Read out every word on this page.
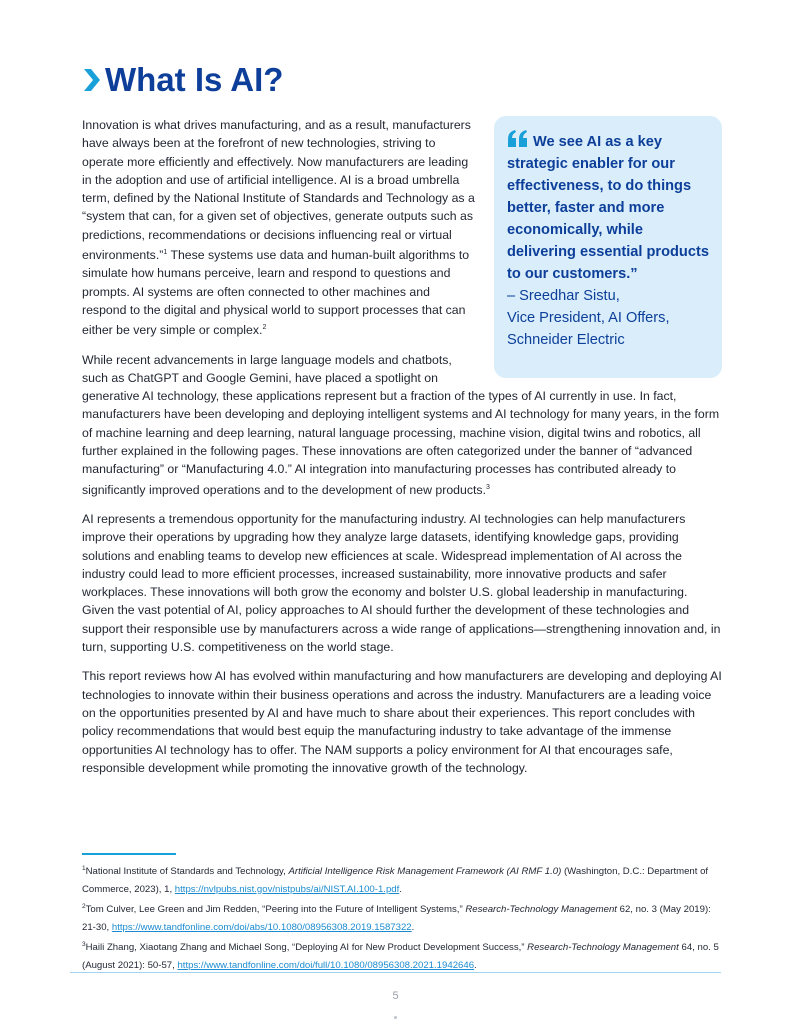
What Is AI?

We see AI as a key strategic enabler for our effectiveness, to do things better, faster and more economically, while delivering essential products to our customers.”

– Sreedhar Sistu,

Vice President, AI Offers,

Schneider Electric

Innovation is what drives manufacturing, and as a result, manufacturers have always been at the forefront of new technologies, striving to operate more efficiently and effectively. Now manufacturers are leading in the adoption and use of artificial intelligence. AI is a broad umbrella term, defined by the National Institute of Standards and Technology as a “system that can, for a given set of objectives, generate outputs such as predictions, recommendations or decisions influencing real or virtual environments.”$^1$ These systems use data and human-built algorithms to simulate how humans perceive, learn and respond to questions and prompts. AI systems are often connected to other machines and respond to the digital and physical world to support processes that can either be very simple or complex.$^2$

While recent advancements in large language models and chatbots, such as ChatGPT and Google Gemini, have placed a spotlight on generative AI technology, these applications represent but a fraction of the types of AI currently in use. In fact, manufacturers have been developing and deploying intelligent systems and AI technology for many years, in the form of machine learning and deep learning, natural language processing, machine vision, digital twins and robotics, all further explained in the following pages. These innovations are often categorized under the banner of “advanced manufacturing” or “Manufacturing 4.0.” AI integration into manufacturing processes has contributed already to significantly improved operations and to the development of new products.$^3$

AI represents a tremendous opportunity for the manufacturing industry. AI technologies can help manufacturers improve their operations by upgrading how they analyze large datasets, identifying knowledge gaps, providing solutions and enabling teams to develop new efficiences at scale. Widespread implementation of AI across the industry could lead to more efficient processes, increased sustainability, more innovative products and safer workplaces. These innovations will both grow the economy and bolster U.S. global leadership in manufacturing. Given the vast potential of AI, policy approaches to AI should further the development of these technologies and support their responsible use by manufacturers across a wide range of applications—strengthening innovation and, in turn, supporting U.S. competitiveness on the world stage.

This report reviews how AI has evolved within manufacturing and how manufacturers are developing and deploying AI technologies to innovate within their business operations and across the industry. Manufacturers are a leading voice on the opportunities presented by AI and have much to share about their experiences. This report concludes with policy recommendations that would best equip the manufacturing industry to take advantage of the immense opportunities AI technology has to offer. The NAM supports a policy environment for AI that encourages safe, responsible development while promoting the innovative growth of the technology.

$^1$National Institute of Standards and Technology, Artificial Intelligence Risk Management Framework (AI RMF 1.0) (Washington, D.C.: Department of Commerce, 2023), 1, https://nvlpubs.nist.gov/nistpubs/ai/NIST.AI.100-1.pdf.

$^2$Tom Culver, Lee Green and Jim Redden, “Peering into the Future of Intelligent Systems,” Research-Technology Management 62, no. 3 (May 2019): 21-30, https://www.tandfonline.com/doi/abs/10.1080/08956308.2019.1587322.

$^3$Haili Zhang, Xiaotang Zhang and Michael Song, “Deploying AI for New Product Development Success,” Research-Technology Management 64, no. 5 (August 2021): 50-57, https://www.tandfonline.com/doi/full/10.1080/08956308.2021.1942646.

5
